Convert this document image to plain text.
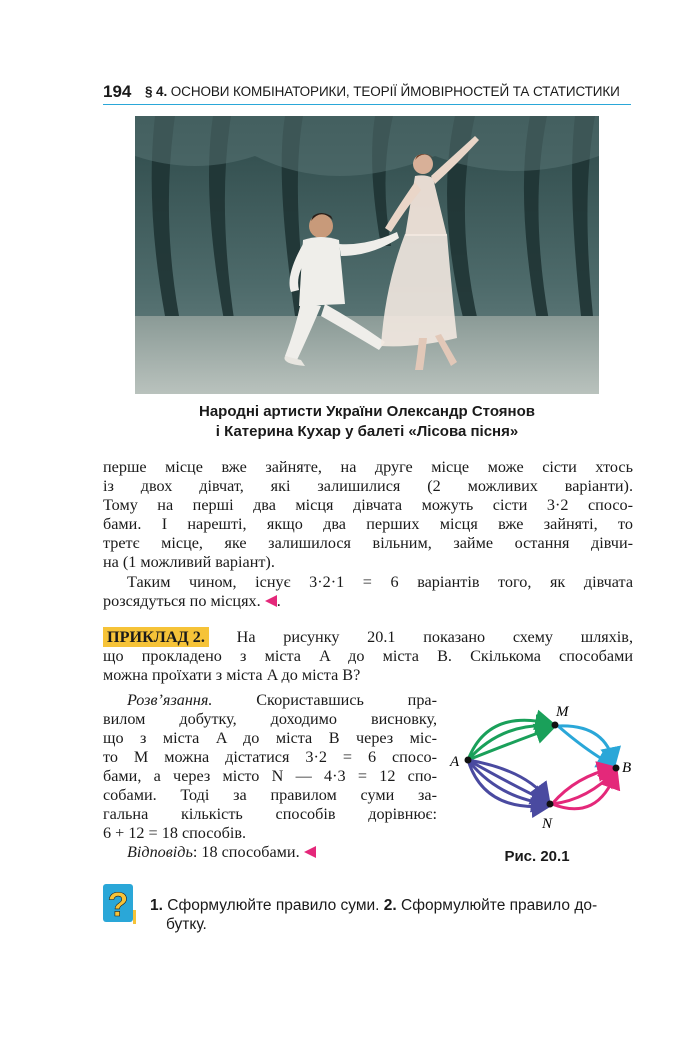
194 § 4. ОСНОВИ КОМБІНАТОРИКИ, ТЕОРІЇ ЙМОВІРНОСТЕЙ ТА СТАТИСТИКИ
Народні артисти України Олександр Стоянов
і Катерина Кухар у балеті «Лісова пісня»
перше місце вже зайняте, на друге місце може сісти хтось
із двох дівчат, які залишилися (2 можливих варіанти).
Тому на перші два місця дівчата можуть сісти 3·2 спосо-
бами. І нарешті, якщо два перших місця вже зайняті, то
третє місце, яке залишилося вільним, займе остання дівчи-
на (1 можливий варіант).
Таким чином, існує 3·2·1 = 6 варіантів того, як дівчата
розсядуться по місцях. .
ПРИКЛАД 2. На рисунку 20.1 показано схему шляхів,
що прокладено з міста A до міста B. Скількома способами
можна проїхати з міста A до міста B?
Розв’язання.	Скориставшись пра-
вилом добутку, доходимо висновку,
що з міста A до міста B через міс-
то M можна дістатися 3·2 = 6 спосо-
бами, а через місто N — 4·3 = 12 спо-
собами. Тоді за правилом суми за-
гальна кількість способів дорівнює:
6 + 12 = 18 способів.
Відповідь: 18 способами.
A
M
B
N
Рис. 20.1
? 1. Сформулюйте правило суми. 2. Сформулюйте правило до-
бутку.
